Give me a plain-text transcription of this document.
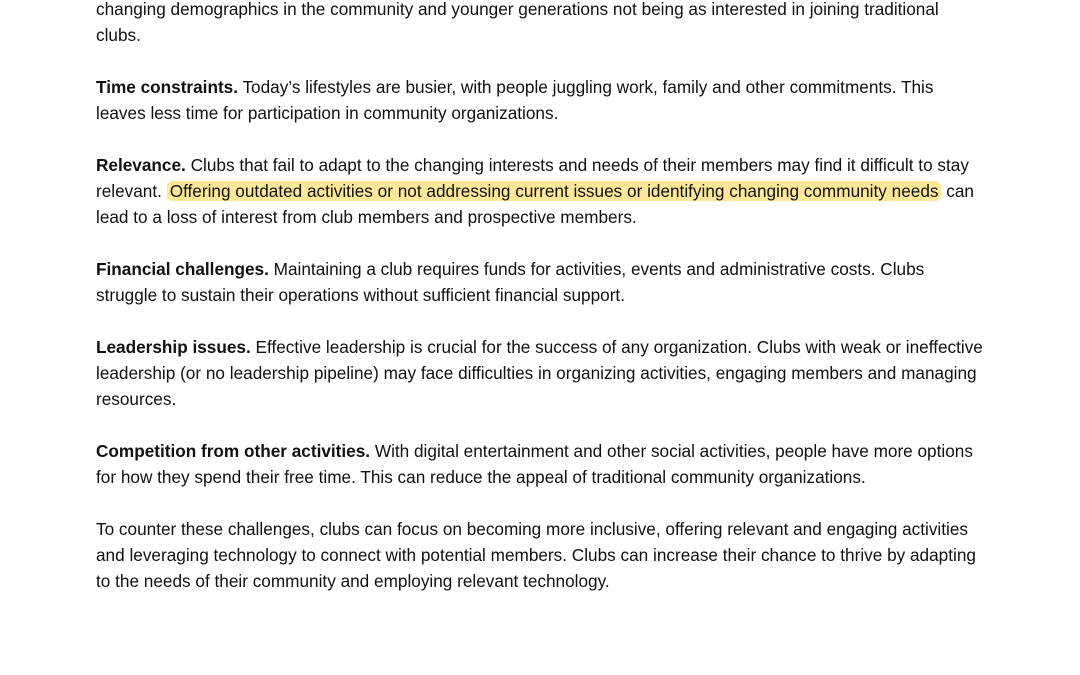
changing demographics in the community and younger generations not being as interested in joining traditional clubs.

Time constraints. Today’s lifestyles are busier, with people juggling work, family and other commitments. This leaves less time for participation in community organizations.

Relevance. Clubs that fail to adapt to the changing interests and needs of their members may find it difficult to stay relevant. Offering outdated activities or not addressing current issues or identifying changing community needs can lead to a loss of interest from club members and prospective members.

Financial challenges. Maintaining a club requires funds for activities, events and administrative costs. Clubs struggle to sustain their operations without sufficient financial support.

Leadership issues. Effective leadership is crucial for the success of any organization. Clubs with weak or ineffective leadership (or no leadership pipeline) may face difficulties in organizing activities, engaging members and managing resources.

Competition from other activities. With digital entertainment and other social activities, people have more options for how they spend their free time. This can reduce the appeal of traditional community organizations.

To counter these challenges, clubs can focus on becoming more inclusive, offering relevant and engaging activities and leveraging technology to connect with potential members. Clubs can increase their chance to thrive by adapting to the needs of their community and employing relevant technology.
